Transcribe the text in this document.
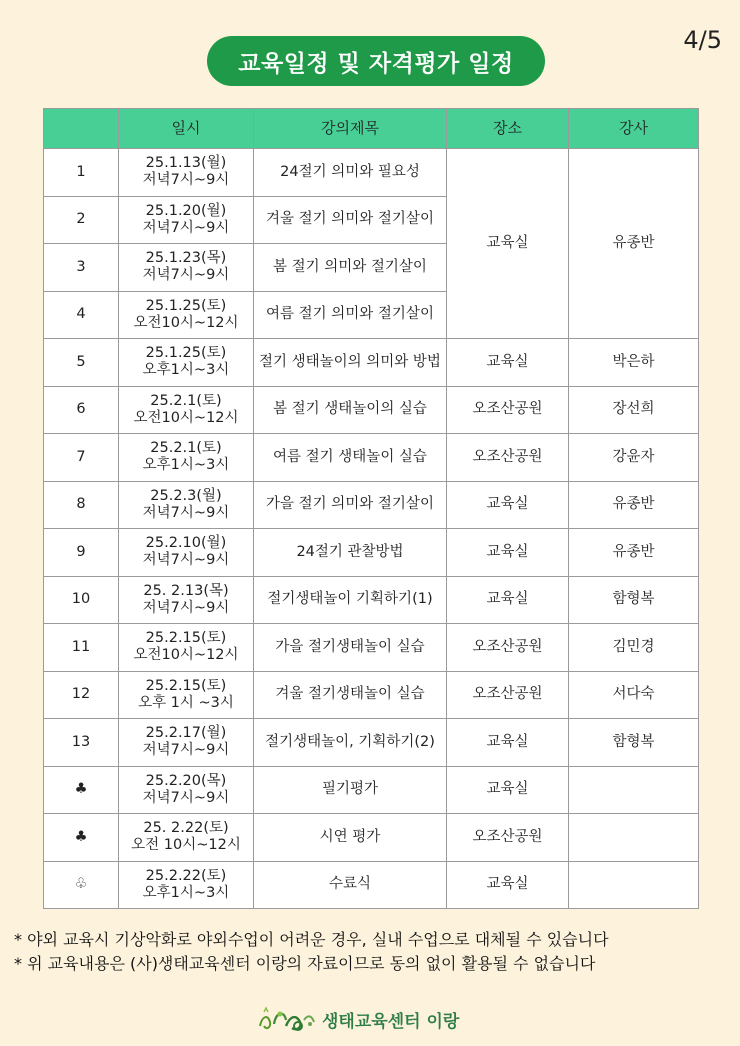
4/5
교육일정 및 자격평가 일정
	일시	강의제목	장소	강사
1	25.1.13(월)
저녁7시~9시	24절기 의미와 필요성	교육실	유종반
2	25.1.20(월)
저녁7시~9시	겨울 절기 의미와 절기살이		
3	25.1.23(목)
저녁7시~9시	봄 절기 의미와 절기살이		
4	25.1.25(토)
오전10시~12시	여름 절기 의미와 절기살이		
5	25.1.25(토)
오후1시~3시	절기 생태놀이의 의미와 방법	교육실	박은하
6	25.2.1(토)
오전10시~12시	봄 절기 생태놀이의 실습	오조산공원	장선희
7	25.2.1(토)
오후1시~3시	여름 절기 생태놀이 실습	오조산공원	강윤자
8	25.2.3(월)
저녁7시~9시	가을 절기 의미와 절기살이	교육실	유종반
9	25.2.10(월)
저녁7시~9시	24절기 관찰방법	교육실	유종반
10	25. 2.13(목)
저녁7시~9시	절기생태놀이 기획하기(1)	교육실	함형복
11	25.2.15(토)
오전10시~12시	가을 절기생태놀이 실습	오조산공원	김민경
12	25.2.15(토)
오후 1시 ~3시	겨울 절기생태놀이 실습	오조산공원	서다숙
13	25.2.17(월)
저녁7시~9시	절기생태놀이, 기획하기(2)	교육실	함형복
♣	25.2.20(목)
저녁7시~9시	필기평가	교육실	
♣	25. 2.22(토)
오전 10시~12시	시연 평가	오조산공원	
♧	25.2.22(토)
오후1시~3시	수료식	교육실	
* 야외 교육시 기상악화로 야외수업이 어려운 경우, 실내 수업으로 대체될 수 있습니다
* 위 교육내용은 (사)생태교육센터 이랑의 자료이므로 동의 없이 활용될 수 없습니다
생태교육센터 이랑
